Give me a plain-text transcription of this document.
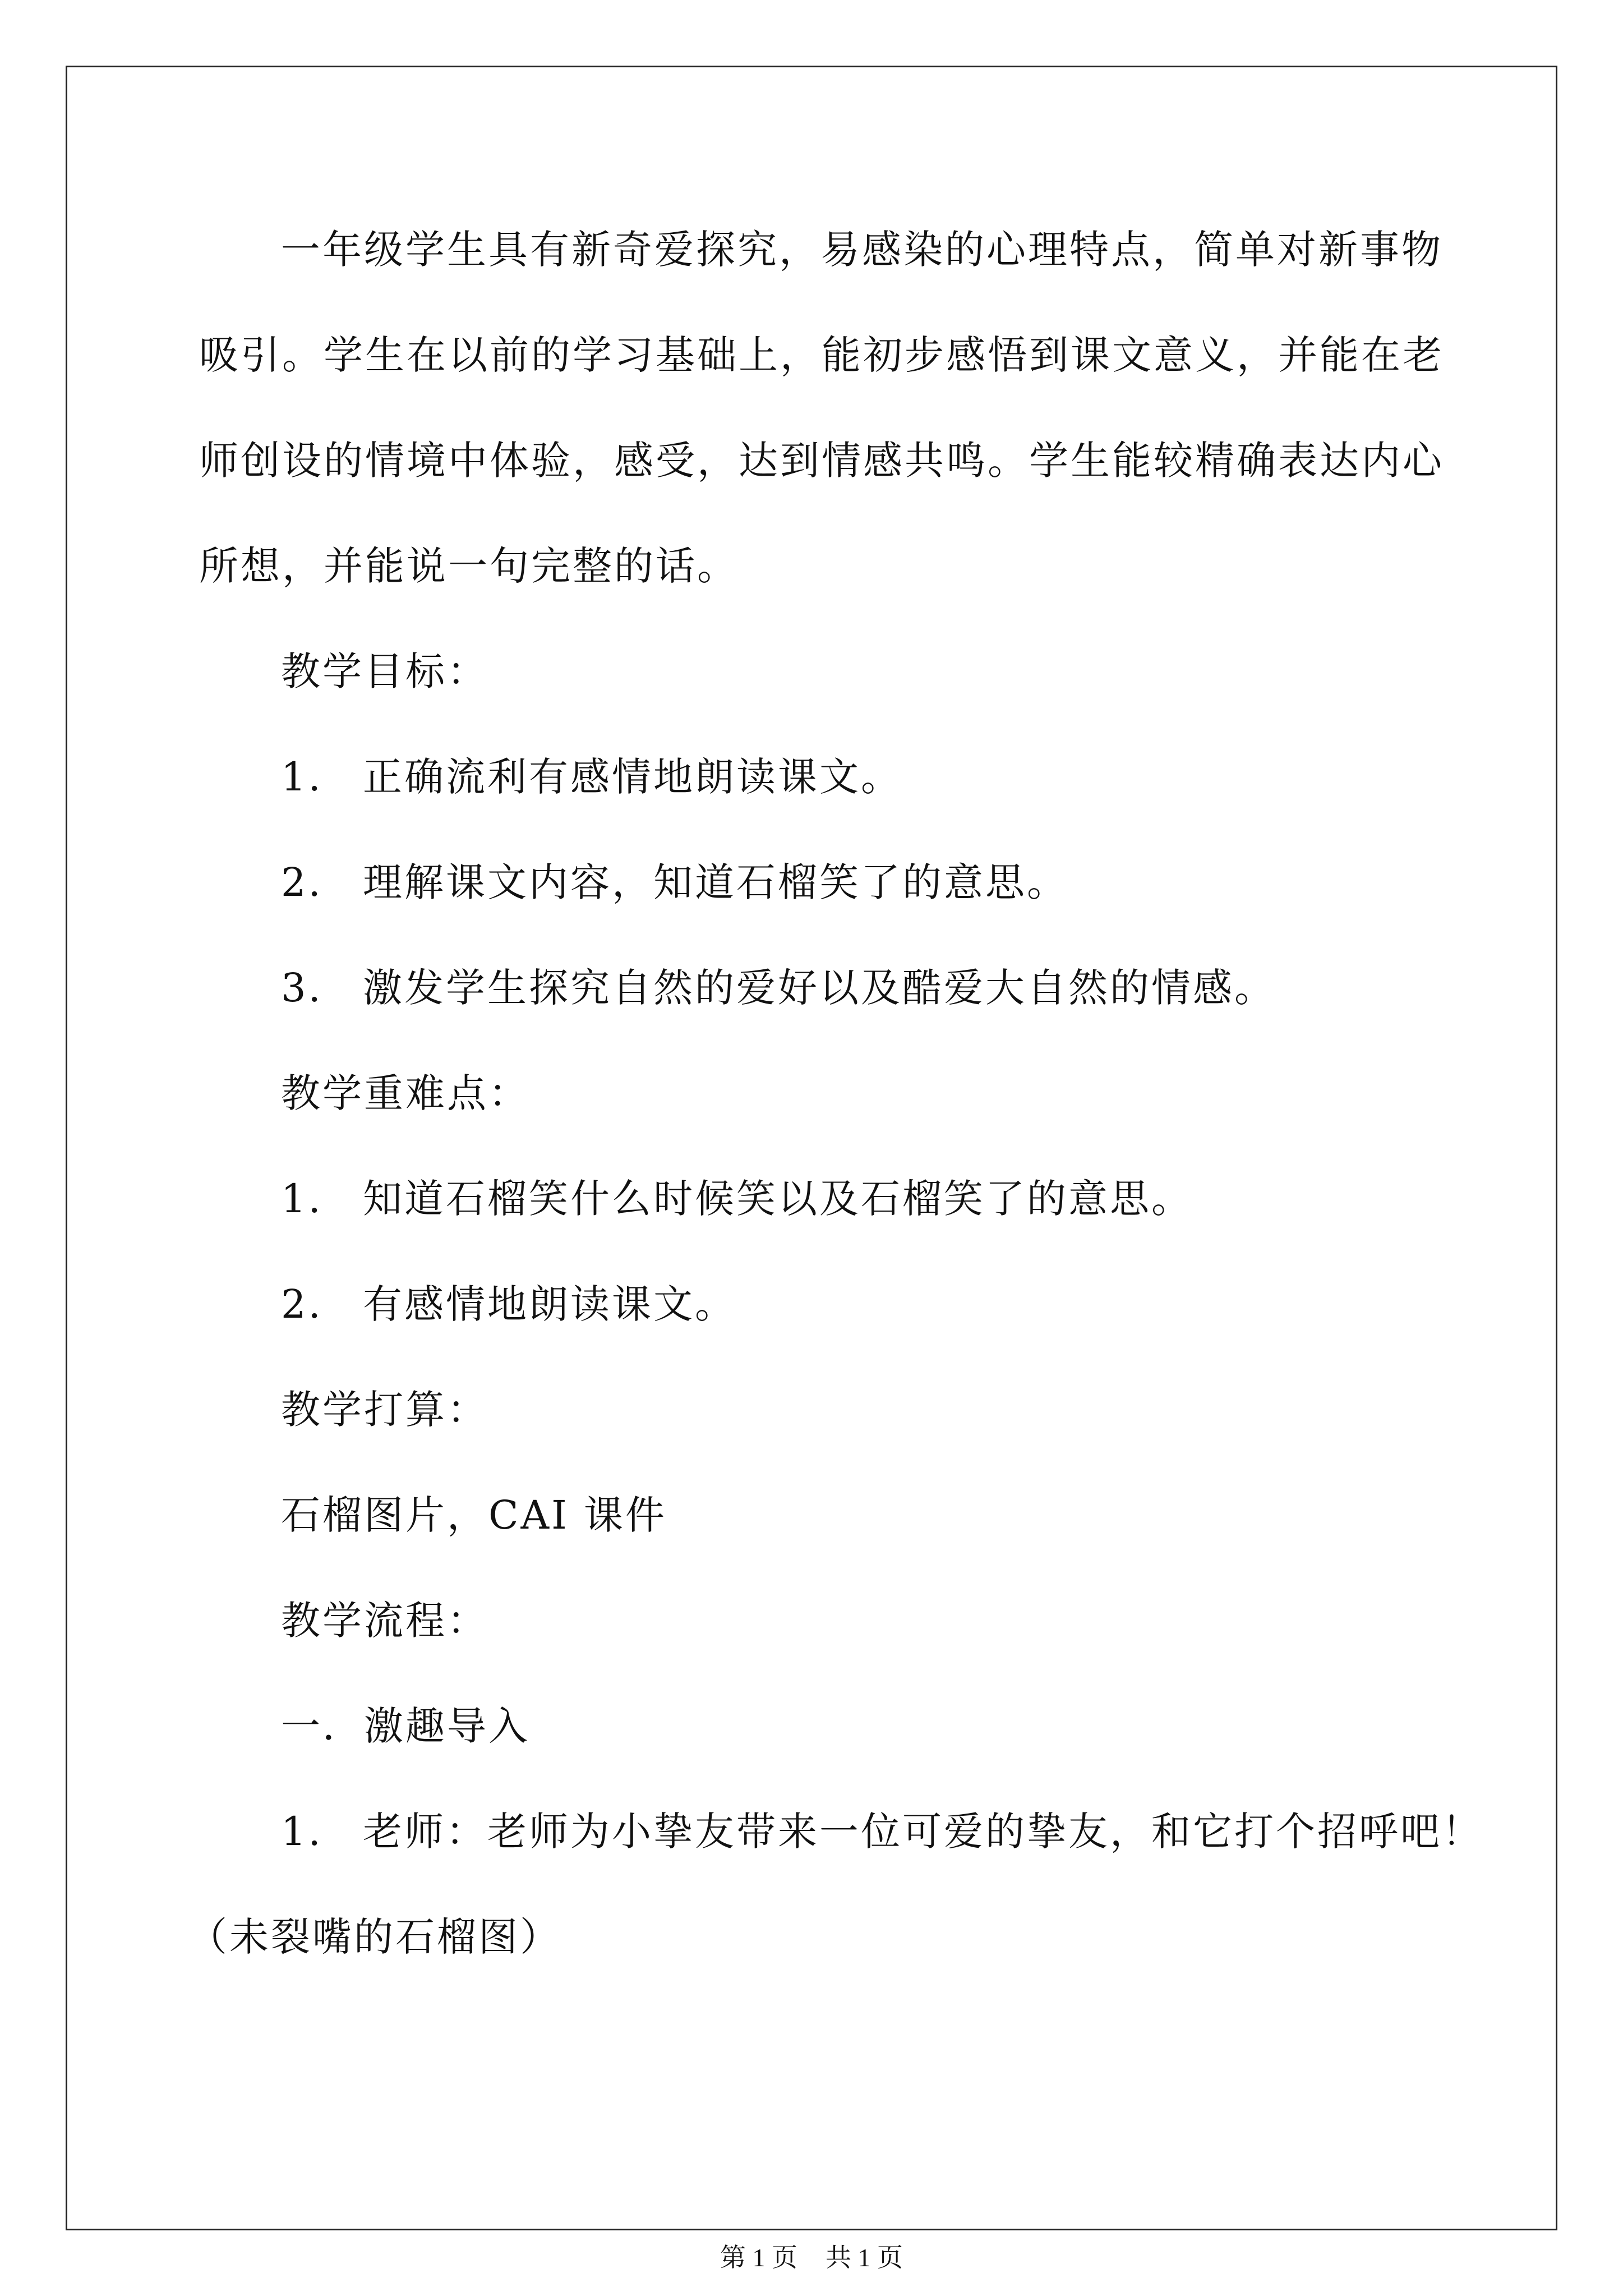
一年级学生具有新奇爱探究，易感染的心理特点，简单对新事物
吸引。学生在以前的学习基础上，能初步感悟到课文意义，并能在老
师创设的情境中体验，感受，达到情感共鸣。学生能较精确表达内心
所想，并能说一句完整的话。
教学目标：
1. 正确流利有感情地朗读课文。
2. 理解课文内容，知道石榴笑了的意思。
3. 激发学生探究自然的爱好以及酷爱大自然的情感。
教学重难点：
1. 知道石榴笑什么时候笑以及石榴笑了的意思。
2. 有感情地朗读课文。
教学打算：
石榴图片，CAI 课件
教学流程：
一．激趣导入
1. 老师：老师为小挚友带来一位可爱的挚友，和它打个招呼吧！
（未裂嘴的石榴图）
第 1 页 共 1 页
